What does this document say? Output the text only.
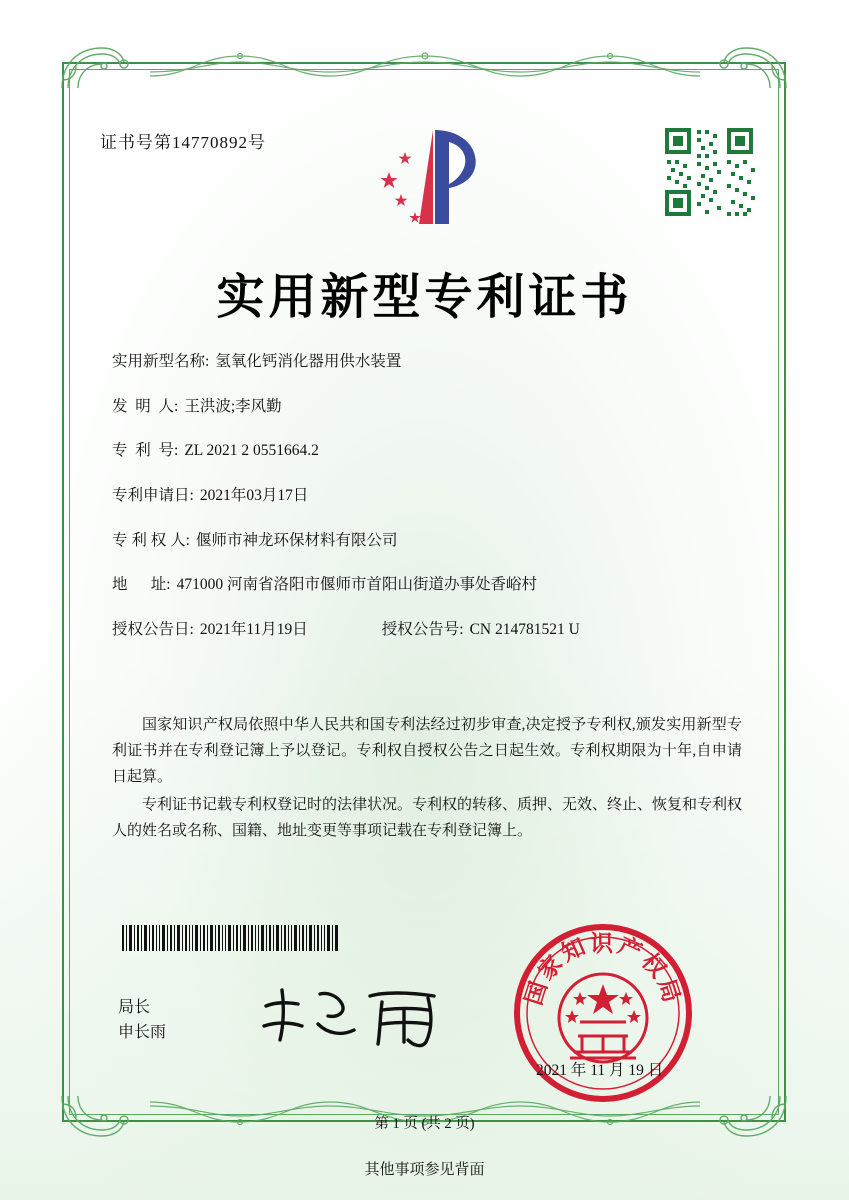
证书号第14770892号
实用新型专利证书
实用新型名称: 氢氧化钙消化器用供水装置
发  明  人: 王洪波;李风勤
专  利  号: ZL 2021 2 0551664.2
专利申请日: 2021年03月17日
专 利 权 人: 偃师市神龙环保材料有限公司
地      址: 471000 河南省洛阳市偃师市首阳山街道办事处香峪村
授权公告日: 2021年11月19日	授权公告号: CN 214781521 U

国家知识产权局依照中华人民共和国专利法经过初步审查,决定授予专利权,颁发实用新型专利证书并在专利登记簿上予以登记。专利权自授权公告之日起生效。专利权期限为十年,自申请日起算。

专利证书记载专利权登记时的法律状况。专利权的转移、质押、无效、终止、恢复和专利权人的姓名或名称、国籍、地址变更等事项记载在专利登记簿上。

局长
申长雨
国家知识产权局
2021 年 11 月 19 日
第 1 页 (共 2 页)
其他事项参见背面
